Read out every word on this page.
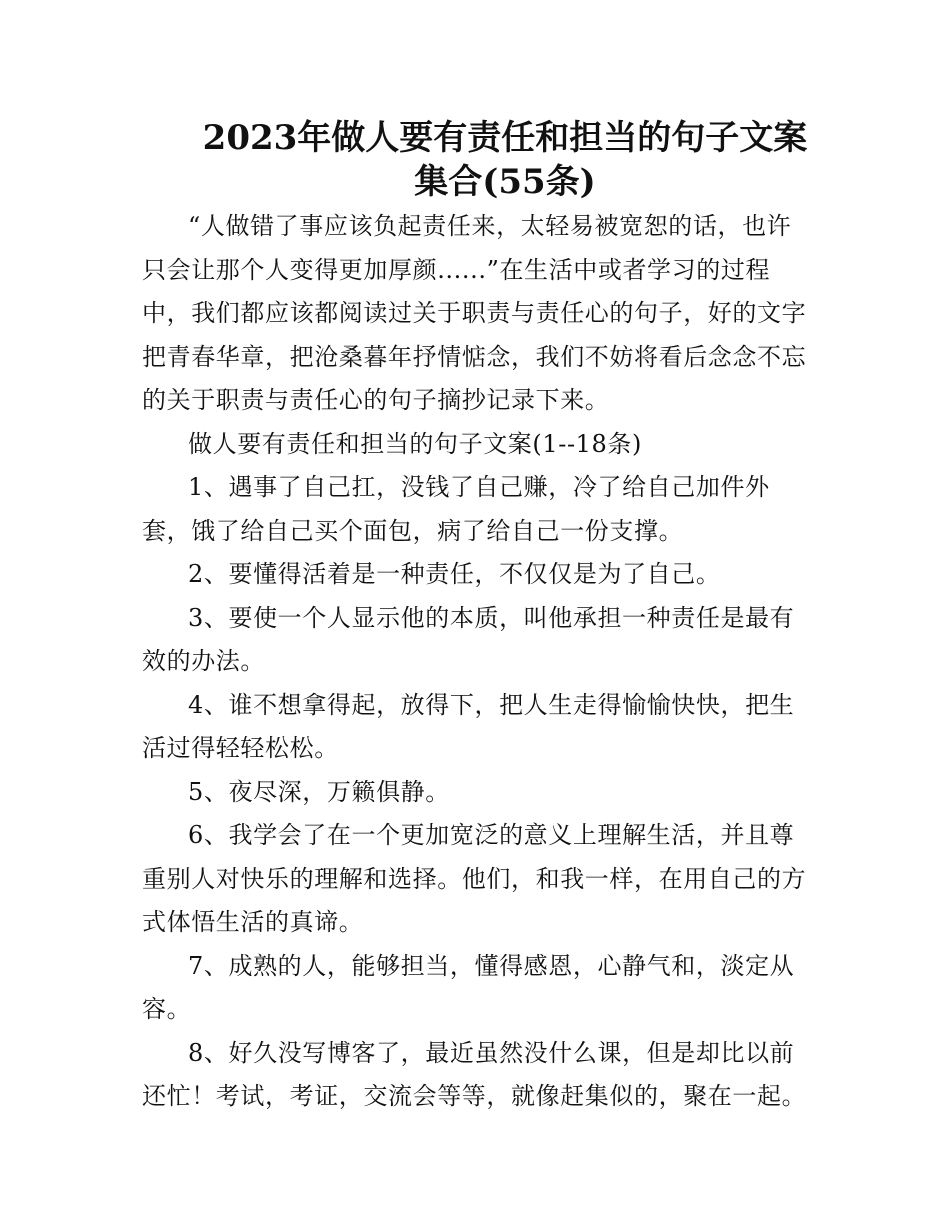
2023年做人要有责任和担当的句子文案
集合(55条)
“人做错了事应该负起责任来，太轻易被宽恕的话，也许
只会让那个人变得更加厚颜......”在生活中或者学习的过程
中，我们都应该都阅读过关于职责与责任心的句子，好的文字
把青春华章，把沧桑暮年抒情惦念，我们不妨将看后念念不忘
的关于职责与责任心的句子摘抄记录下来。
做人要有责任和担当的句子文案(1--18条)
1、遇事了自己扛，没钱了自己赚，冷了给自己加件外
套，饿了给自己买个面包，病了给自己一份支撑。
2、要懂得活着是一种责任，不仅仅是为了自己。
3、要使一个人显示他的本质，叫他承担一种责任是最有
效的办法。
4、谁不想拿得起，放得下，把人生走得愉愉快快，把生
活过得轻轻松松。
5、夜尽深，万籁俱静。
6、我学会了在一个更加宽泛的意义上理解生活，并且尊
重别人对快乐的理解和选择。他们，和我一样，在用自己的方
式体悟生活的真谛。
7、成熟的人，能够担当，懂得感恩，心静气和，淡定从
容。
8、好久没写博客了，最近虽然没什么课，但是却比以前
还忙！考试，考证，交流会等等，就像赶集似的，聚在一起。
